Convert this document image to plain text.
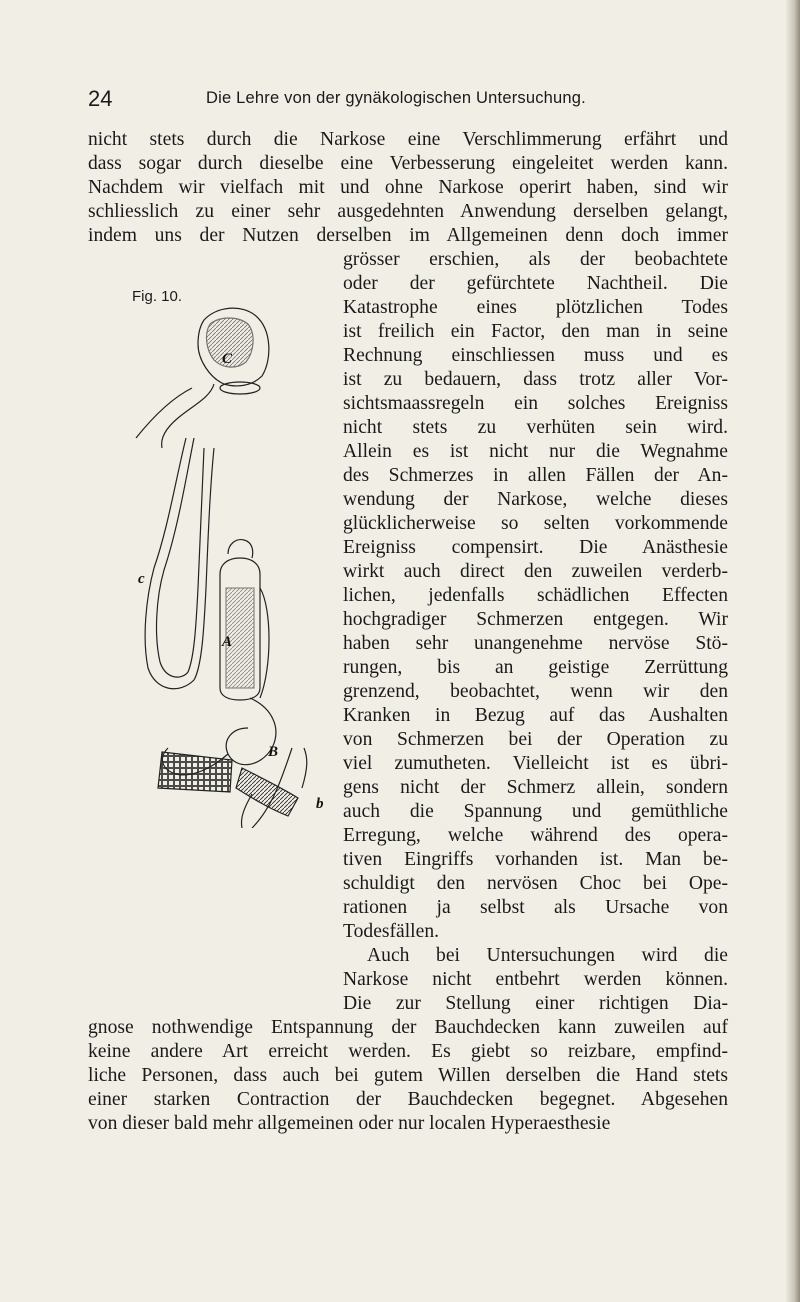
24	Die Lehre von der gynäkologischen Untersuchung.
nicht stets durch die Narkose eine Verschlimmerung erfährt und
dass sogar durch dieselbe eine Verbesserung eingeleitet werden kann.
Nachdem wir vielfach mit und ohne Narkose operirt haben, sind wir
schliesslich zu einer sehr ausgedehnten Anwendung derselben gelangt,
indem uns der Nutzen derselben im Allgemeinen denn doch immer
grösser erschien, als der beobachtete
oder der gefürchtete Nachtheil. Die
Katastrophe eines plötzlichen Todes
ist freilich ein Factor, den man in seine
Rechnung einschliessen muss und es
ist zu bedauern, dass trotz aller Vor-
sichtsmaassregeln ein solches Ereigniss
nicht stets zu verhüten sein wird.
Allein es ist nicht nur die Wegnahme
des Schmerzes in allen Fällen der An-
wendung der Narkose, welche dieses
glücklicherweise so selten vorkommende
Ereigniss compensirt. Die Anästhesie
wirkt auch direct den zuweilen verderb-
lichen, jedenfalls schädlichen Effecten
hochgradiger Schmerzen entgegen. Wir
haben sehr unangenehme nervöse Stö-
rungen, bis an geistige Zerrüttung
grenzend, beobachtet, wenn wir den
Kranken in Bezug auf das Aushalten
von Schmerzen bei der Operation zu
viel zumutheten. Vielleicht ist es übri-
gens nicht der Schmerz allein, sondern
auch die Spannung und gemüthliche
Erregung, welche während des opera-
tiven Eingriffs vorhanden ist. Man be-
schuldigt den nervösen Choc bei Ope-
rationen ja selbst als Ursache von
Todesfällen.
Auch bei Untersuchungen wird die
Narkose nicht entbehrt werden können.
Die zur Stellung einer richtigen Dia-
gnose nothwendige Entspannung der Bauchdecken kann zuweilen auf
keine andere Art erreicht werden. Es giebt so reizbare, empfind-
liche Personen, dass auch bei gutem Willen derselben die Hand stets
einer starken Contraction der Bauchdecken begegnet. Abgesehen
von dieser bald mehr allgemeinen oder nur localen Hyperaesthesie
Fig. 10.
C
c
A
B
b
